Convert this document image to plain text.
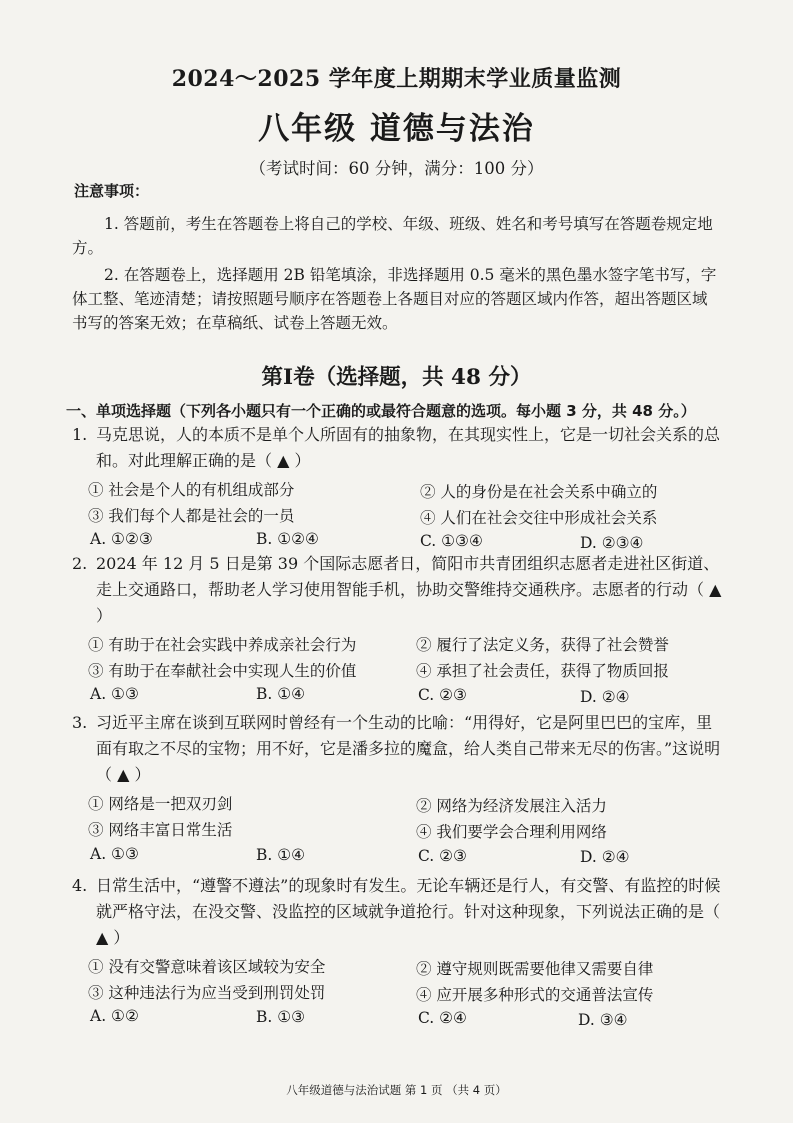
2024～2025 学年度上期期末学业质量监测
八年级 道德与法治
（考试时间：60 分钟，满分：100 分）
注意事项：
1. 答题前，考生在答题卷上将自己的学校、年级、班级、姓名和考号填写在答题卷规定地方。
2. 在答题卷上，选择题用 2B 铅笔填涂，非选择题用 0.5 毫米的黑色墨水签字笔书写，字体工整、笔迹清楚；请按照题号顺序在答题卷上各题目对应的答题区域内作答，超出答题区域书写的答案无效；在草稿纸、试卷上答题无效。
第Ⅰ卷（选择题，共 48 分）
一、单项选择题（下列各小题只有一个正确的或最符合题意的选项。每小题 3 分，共 48 分。）
1. 马克思说，人的本质不是单个人所固有的抽象物，在其现实性上，它是一切社会关系的总和。对此理解正确的是（ ▲ ）
① 社会是个人的有机组成部分	② 人的身份是在社会关系中确立的
③ 我们每个人都是社会的一员	④ 人们在社会交往中形成社会关系
A. ①②③	B. ①②④	C. ①③④	D. ②③④
2. 2024 年 12 月 5 日是第 39 个国际志愿者日，简阳市共青团组织志愿者走进社区街道、走上交通路口，帮助老人学习使用智能手机，协助交警维持交通秩序。志愿者的行动（ ▲ ）
① 有助于在社会实践中养成亲社会行为	② 履行了法定义务，获得了社会赞誉
③ 有助于在奉献社会中实现人生的价值	④ 承担了社会责任，获得了物质回报
A. ①③	B. ①④	C. ②③	D. ②④
3. 习近平主席在谈到互联网时曾经有一个生动的比喻：“用得好，它是阿里巴巴的宝库，里面有取之不尽的宝物；用不好，它是潘多拉的魔盒，给人类自己带来无尽的伤害。”这说明（ ▲ ）
① 网络是一把双刃剑	② 网络为经济发展注入活力
③ 网络丰富日常生活	④ 我们要学会合理利用网络
A. ①③	B. ①④	C. ②③	D. ②④
4. 日常生活中，“遵警不遵法”的现象时有发生。无论车辆还是行人，有交警、有监控的时候就严格守法，在没交警、没监控的区域就争道抢行。针对这种现象，下列说法正确的是（ ▲ ）
① 没有交警意味着该区域较为安全	② 遵守规则既需要他律又需要自律
③ 这种违法行为应当受到刑罚处罚	④ 应开展多种形式的交通普法宣传
A. ①②	B. ①③	C. ②④	D. ③④
八年级道德与法治试题 第 1 页 （共 4 页）
